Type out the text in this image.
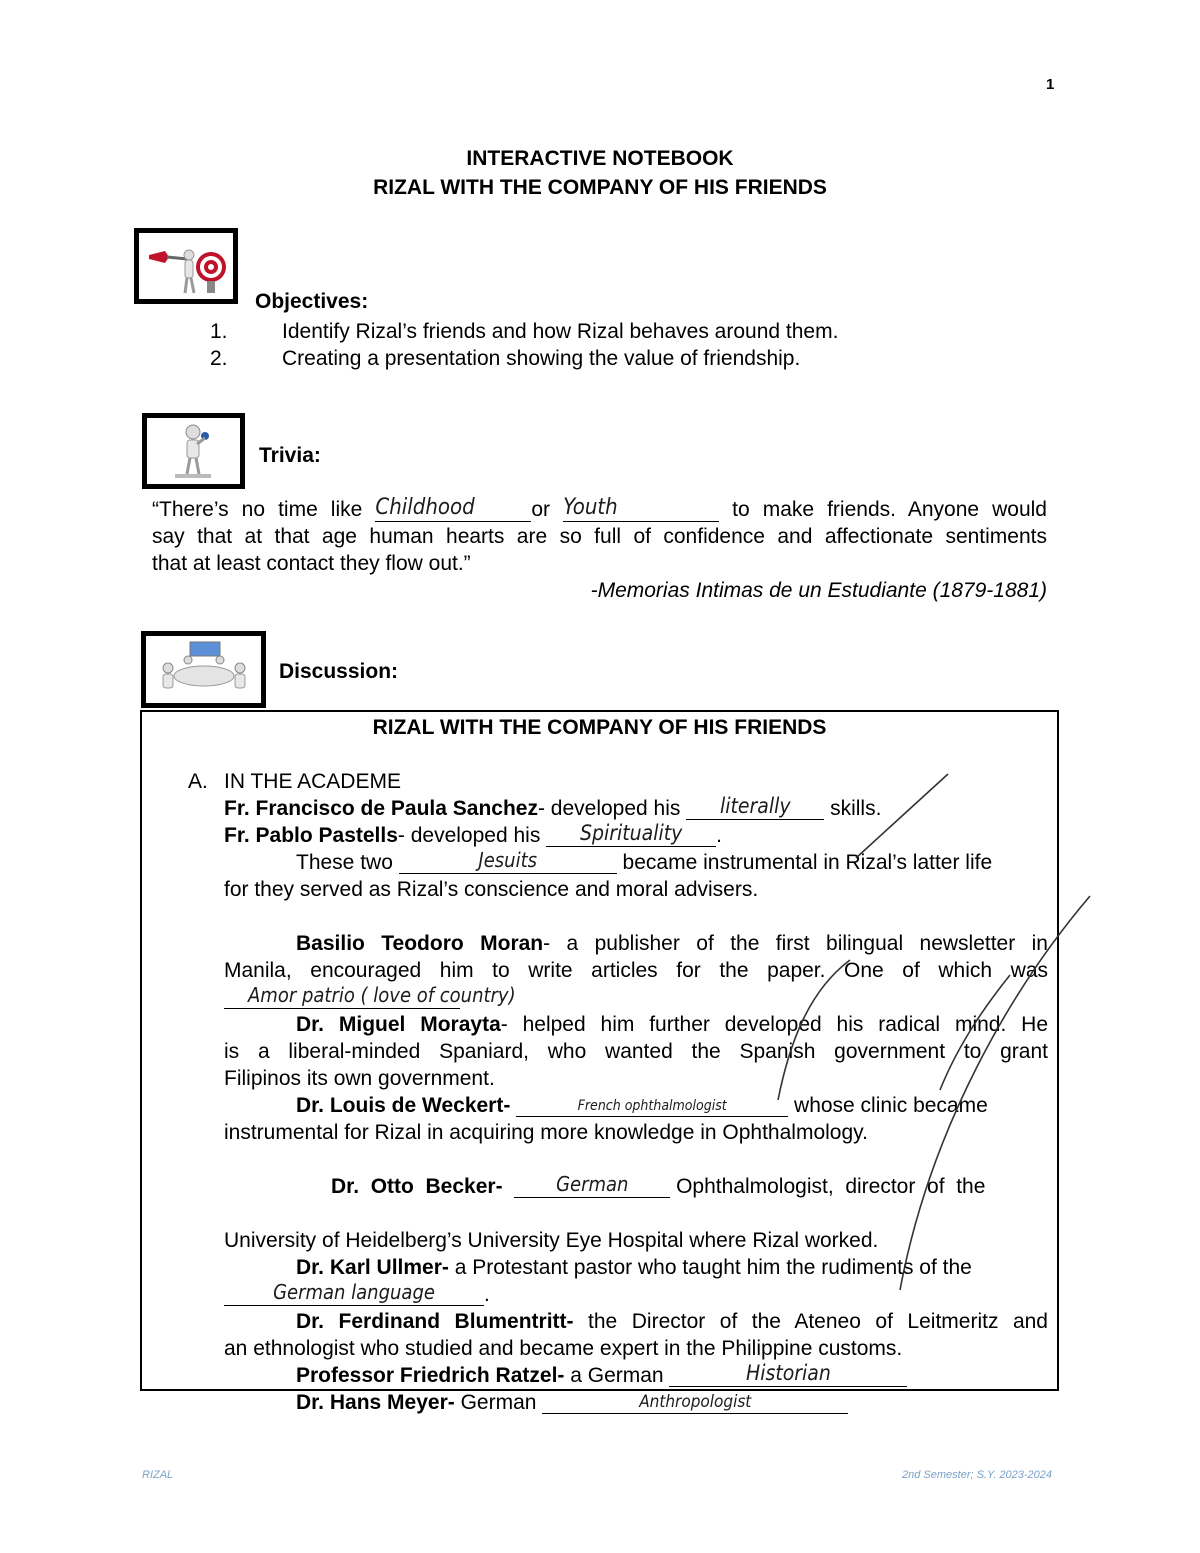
1
INTERACTIVE NOTEBOOK
RIZAL WITH THE COMPANY OF HIS FRIENDS
Objectives:
1.	Identify Rizal’s friends and how Rizal behaves around them.
2.	Creating a presentation showing the value of friendship.
Trivia:
“There’s no time like Childhood	or Youth	to make friends. Anyone would
say that at that age human hearts are so full of confidence and affectionate sentiments
that at least contact they flow out.”
-Memorias Intimas de un Estudiante (1879-1881)
Discussion:
RIZAL WITH THE COMPANY OF HIS FRIENDS
A. IN THE ACADEME
Fr. Francisco de Paula Sanchez- developed his literally skills.
Fr. Pablo Pastells- developed his Spirituality .
These two	Jesuits	became instrumental in Rizal’s latter life
for they served as Rizal’s conscience and moral advisers.
Basilio Teodoro Moran- a publisher of the first bilingual newsletter in
Manila, encouraged him to write articles for the paper. One of which was
Amor patrio ( love of country)
Dr. Miguel Morayta- helped him further developed his radical mind. He
is a liberal-minded Spaniard, who wanted the Spanish government to grant
Filipinos its own government.
Dr. Louis de Weckert-	French ophthalmologist	whose clinic became
instrumental for Rizal in acquiring more knowledge in Ophthalmology.

Dr.  Otto  Becker-	German Ophthalmologist,  director  of  the

University of Heidelberg’s University Eye Hospital where Rizal worked.
Dr. Karl Ullmer- a Protestant pastor who taught him the rudiments of the
German language .
Dr. Ferdinand Blumentritt- the Director of the Ateneo of Leitmeritz and
an ethnologist who studied and became expert in the Philippine customs.
Professor Friedrich Ratzel- a German	Historian
Dr. Hans Meyer- German	Anthropologist
RIZAL	2nd Semester; S.Y. 2023-2024
